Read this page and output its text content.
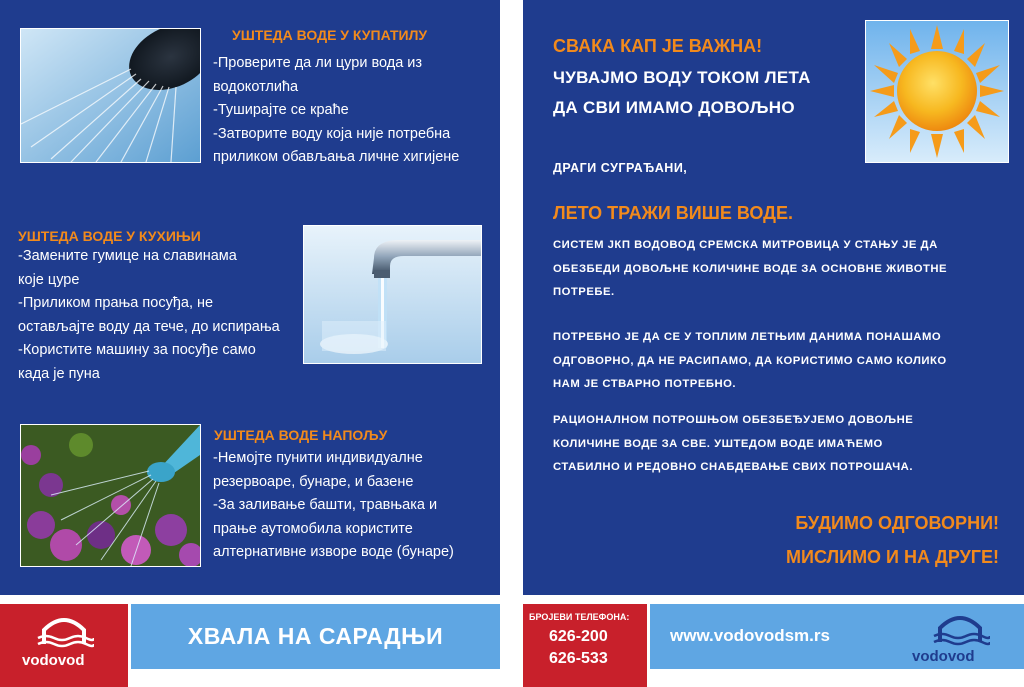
УШТЕДА ВОДЕ У КУПАТИЛУ
-Проверите да ли цури вода из
водокотлића
-Туширајте се краће
-Затворите воду која није потребна
приликом обављања личне хигијене
УШТЕДА ВОДЕ У КУХИЊИ
-Замените гумице на славинама
које цуре
-Приликом прања посуђа, не
остављајте воду да тече, до испирања
-Користите машину за посуђе само
када је пуна
УШТЕДА ВОДЕ НАПОЉУ
-Немојте пунити индивидуалне
резервоаре, бунаре, и базене
-За заливање башти, травњака и
прање аутомобила користите
алтернативне изворе воде (бунаре)
СВАКА КАП ЈЕ ВАЖНА!
ЧУВАЈМО ВОДУ ТОКОМ ЛЕТА
ДА СВИ ИМАМО ДОВОЉНО
ДРАГИ СУГРАЂАНИ,
ЛЕТО ТРАЖИ ВИШЕ ВОДЕ.
СИСТЕМ ЈКП ВОДОВОД СРЕМСКА МИТРОВИЦА У СТАЊУ ЈЕ ДА
ОБЕЗБЕДИ ДОВОЉНЕ КОЛИЧИНЕ ВОДЕ ЗА ОСНОВНЕ ЖИВОТНЕ
ПОТРЕБЕ.
ПОТРЕБНО ЈЕ ДА СЕ У ТОПЛИМ ЛЕТЊИМ ДАНИМА ПОНАШАМО
ОДГОВОРНО, ДА НЕ РАСИПАМО, ДА КОРИСТИМО САМО КОЛИКО
НАМ ЈЕ СТВАРНО ПОТРЕБНО.
РАЦИОНАЛНОМ ПОТРОШЊОМ ОБЕЗБЕЂУЈЕМО ДОВОЉНЕ
КОЛИЧИНЕ ВОДЕ ЗА СВЕ. УШТЕДОМ ВОДЕ ИМАЋЕМО
СТАБИЛНО И РЕДОВНО СНАБДЕВАЊЕ СВИХ ПОТРОШАЧА.
БУДИМО ОДГОВОРНИ!
МИСЛИМО И НА ДРУГЕ!
vodovod
ХВАЛА НА САРАДЊИ
БРОЈЕВИ ТЕЛЕФОНА:
626-200
626-533
www.vodovodsm.rs
vodovod
